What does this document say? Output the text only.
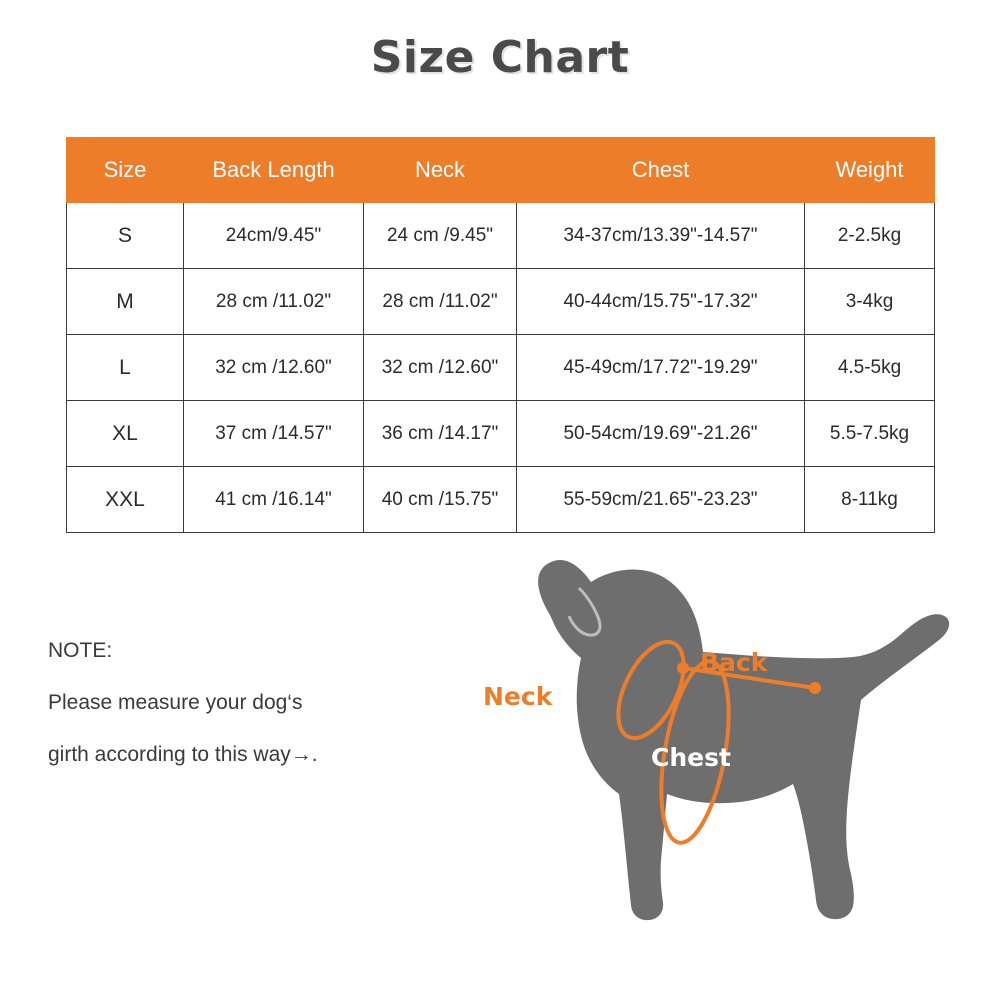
Size Chart
Size	Back Length	Neck	Chest	Weight
S	24cm/9.45"	24 cm /9.45"	34-37cm/13.39"-14.57"	2-2.5kg
M	28 cm /11.02"	28 cm /11.02"	40-44cm/15.75"-17.32"	3-4kg
L	32 cm /12.60"	32 cm /12.60"	45-49cm/17.72"-19.29"	4.5-5kg
XL	37 cm /14.57"	36 cm /14.17"	50-54cm/19.69"-21.26"	5.5-7.5kg
XXL	41 cm /16.14"	40 cm /15.75"	55-59cm/21.65"-23.23"	8-11kg
NOTE:
Please measure your dog‘s
girth according to this way→.
Neck
Back
Chest
